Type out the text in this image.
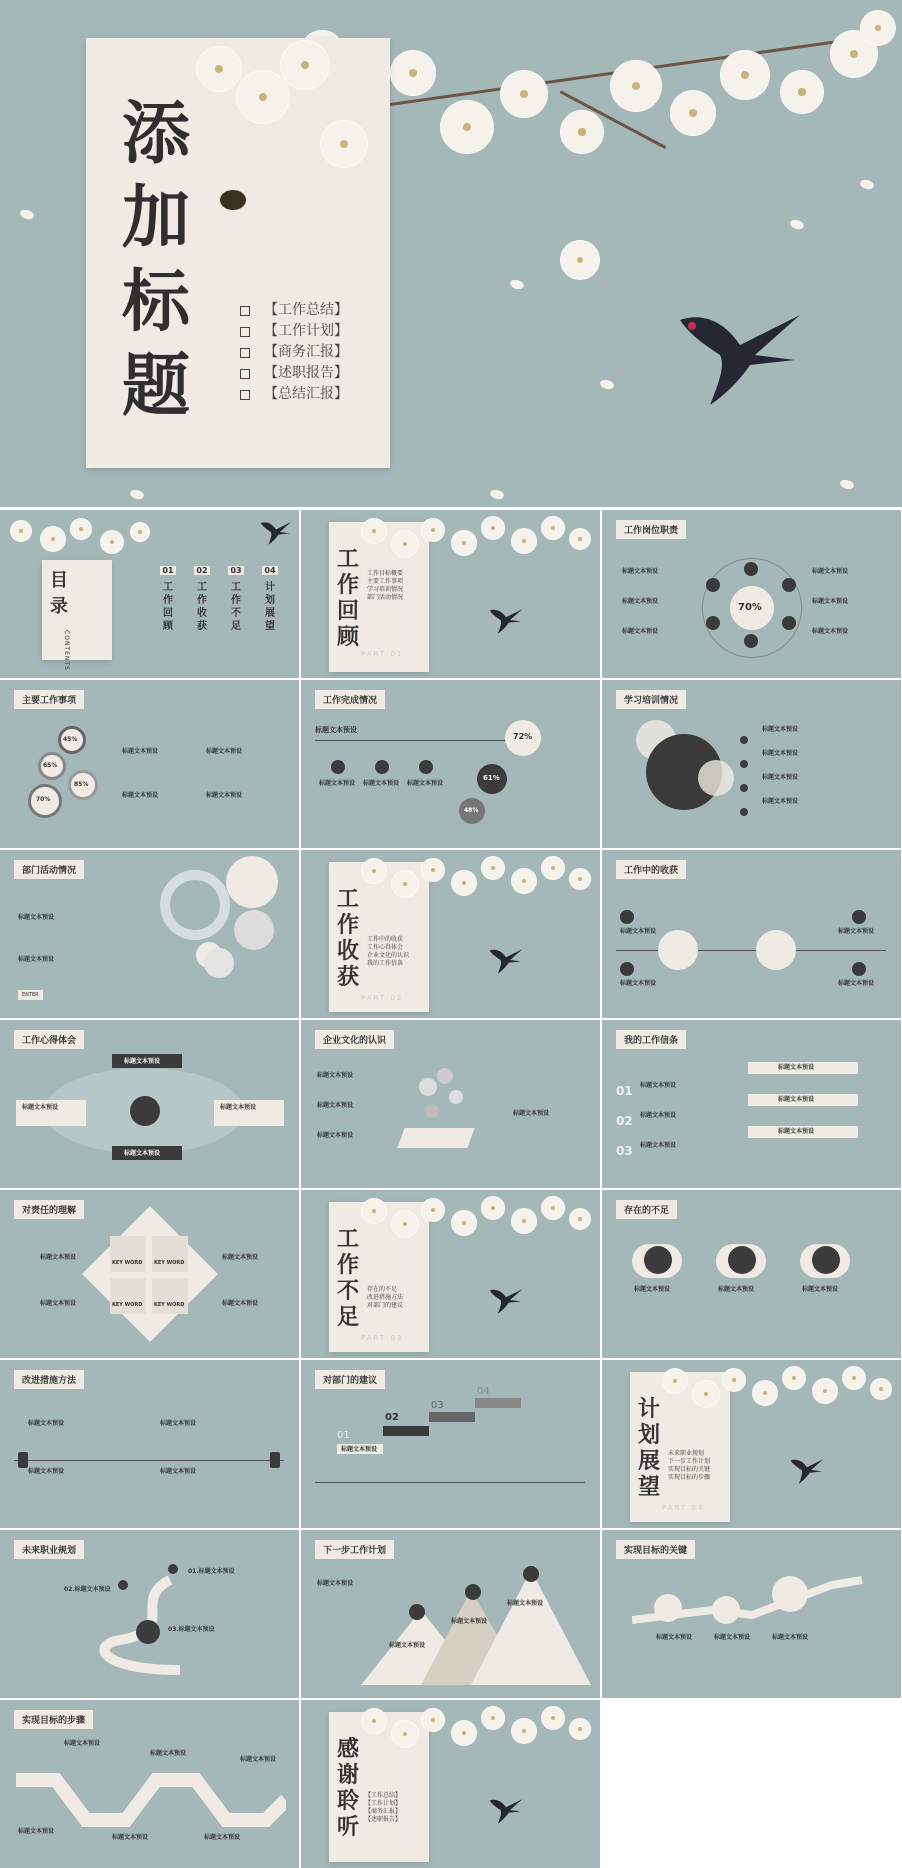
添
加
标
题
【工作总结】
【工作计划】
【商务汇报】
【述职报告】
【总结汇报】
目
录
CONTENTS
01
工作回顾
02
工作收获
03
工作不足
04
计划展望
工作回顾
工作目标概要
主要工作事项
学习培训情况
部门活动情况
PART 01
工作岗位职责
70%
标题文本预设
标题文本预设
标题文本预设
标题文本预设
标题文本预设
标题文本预设
主要工作事项
45%
65%
85%
70%
标题文本预设	标题文本预设
标题文本预设	标题文本预设
工作完成情况
标题文本预设
72%
61%
48%
标题文本预设 标题文本预设 标题文本预设
学习培训情况
标题文本预设
标题文本预设
标题文本预设
标题文本预设
部门活动情况
标题文本预设
标题文本预设
ENTER
工作收获
工作中的收获
工作心得体会
企业文化的认识
我的工作信条
PART 02
工作中的收获
标题文本预设
标题文本预设
标题文本预设
标题文本预设
工作心得体会
标题文本预设
标题文本预设
标题文本预设	标题文本预设
企业文化的认识
标题文本预设
标题文本预设
标题文本预设
标题文本预设
我的工作信条
01
02
03
标题文本预设
标题文本预设
标题文本预设
标题文本预设
标题文本预设
标题文本预设
对责任的理解
KEY WORD KEY WORD
KEY WORD KEY WORD
标题文本预设
标题文本预设
标题文本预设
标题文本预设
工作不足
存在的不足
改进措施方法
对部门的建议
PART 03
存在的不足
标题文本预设	标题文本预设	标题文本预设
改进措施方法
标题文本预设	标题文本预设
标题文本预设	标题文本预设
对部门的建议
01
02
03
04
标题文本预设
计划展望
未来职业规划
下一步工作计划
实现目标的关键
实现目标的步骤
PART 04
未来职业规划
01.标题文本预设
02.标题文本预设
03.标题文本预设
下一步工作计划
标题文本预设
标题文本预设
标题文本预设
标题文本预设
实现目标的关键
标题文本预设	标题文本预设	标题文本预设
实现目标的步骤
标题文本预设
标题文本预设
标题文本预设
标题文本预设
标题文本预设	标题文本预设
感谢聆听
【工作总结】
【工作计划】
【商务汇报】
【述职报告】
